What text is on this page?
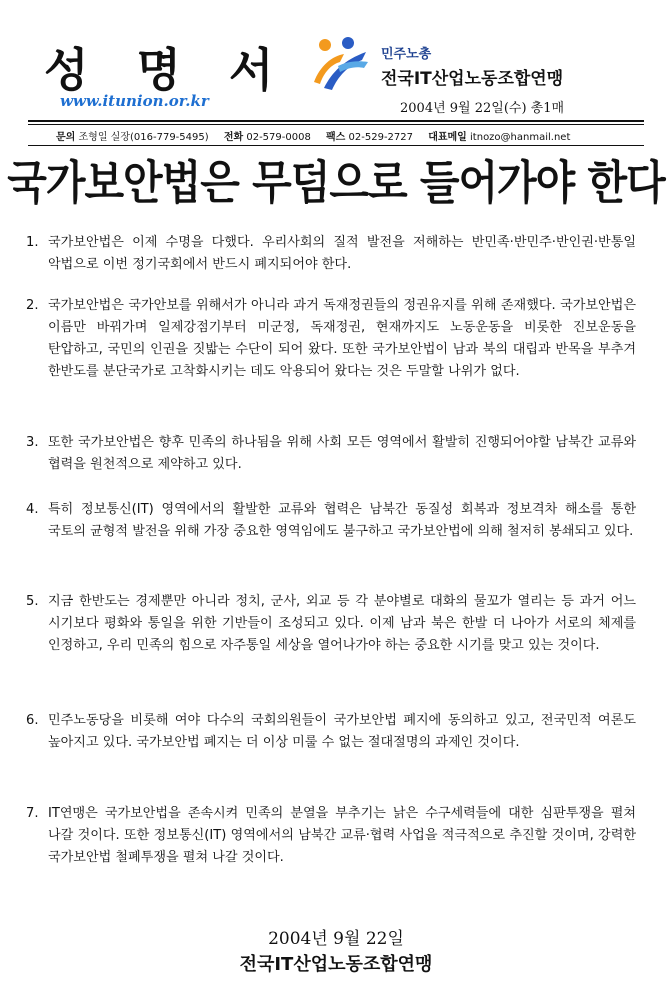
성 명 서
www.itunion.or.kr
민주노총
전국IT산업노동조합연맹
2004년 9월 22일(수) 총1매
문의 조형일 실장(016-779-5495) 전화 02-579-0008 팩스 02-529-2727 대표메일 itnozo@hanmail.net
국가보안법은 무덤으로 들어가야 한다
1. 국가보안법은 이제 수명을 다했다. 우리사회의 질적 발전을 저해하는 반민족·반민주·반인권·반통일 악법으로 이번 정기국회에서 반드시 폐지되어야 한다.
2. 국가보안법은 국가안보를 위해서가 아니라 과거 독재정권들의 정권유지를 위해 존재했다. 국가보안법은 이름만 바꿔가며 일제강점기부터 미군정, 독재정권, 현재까지도 노동운동을 비롯한 진보운동을 탄압하고, 국민의 인권을 짓밟는 수단이 되어 왔다. 또한 국가보안법이 남과 북의 대립과 반목을 부추겨 한반도를 분단국가로 고착화시키는 데도 악용되어 왔다는 것은 두말할 나위가 없다.
3. 또한 국가보안법은 향후 민족의 하나됨을 위해 사회 모든 영역에서 활발히 진행되어야할 남북간 교류와 협력을 원천적으로 제약하고 있다.
4. 특히 정보통신(IT) 영역에서의 활발한 교류와 협력은 남북간 동질성 회복과 정보격차 해소를 통한 국토의 균형적 발전을 위해 가장 중요한 영역임에도 불구하고 국가보안법에 의해 철저히 봉쇄되고 있다.
5. 지금 한반도는 경제뿐만 아니라 정치, 군사, 외교 등 각 분야별로 대화의 물꼬가 열리는 등 과거 어느 시기보다 평화와 통일을 위한 기반들이 조성되고 있다. 이제 남과 북은 한발 더 나아가 서로의 체제를 인정하고, 우리 민족의 힘으로 자주통일 세상을 열어나가야 하는 중요한 시기를 맞고 있는 것이다.
6. 민주노동당을 비롯해 여야 다수의 국회의원들이 국가보안법 폐지에 동의하고 있고, 전국민적 여론도 높아지고 있다. 국가보안법 폐지는 더 이상 미룰 수 없는 절대절명의 과제인 것이다.
7. IT연맹은 국가보안법을 존속시켜 민족의 분열을 부추기는 낡은 수구세력들에 대한 심판투쟁을 펼쳐 나갈 것이다. 또한 정보통신(IT) 영역에서의 남북간 교류·협력 사업을 적극적으로 추진할 것이며, 강력한 국가보안법 철폐투쟁을 펼쳐 나갈 것이다.
2004년 9월 22일
전국IT산업노동조합연맹
